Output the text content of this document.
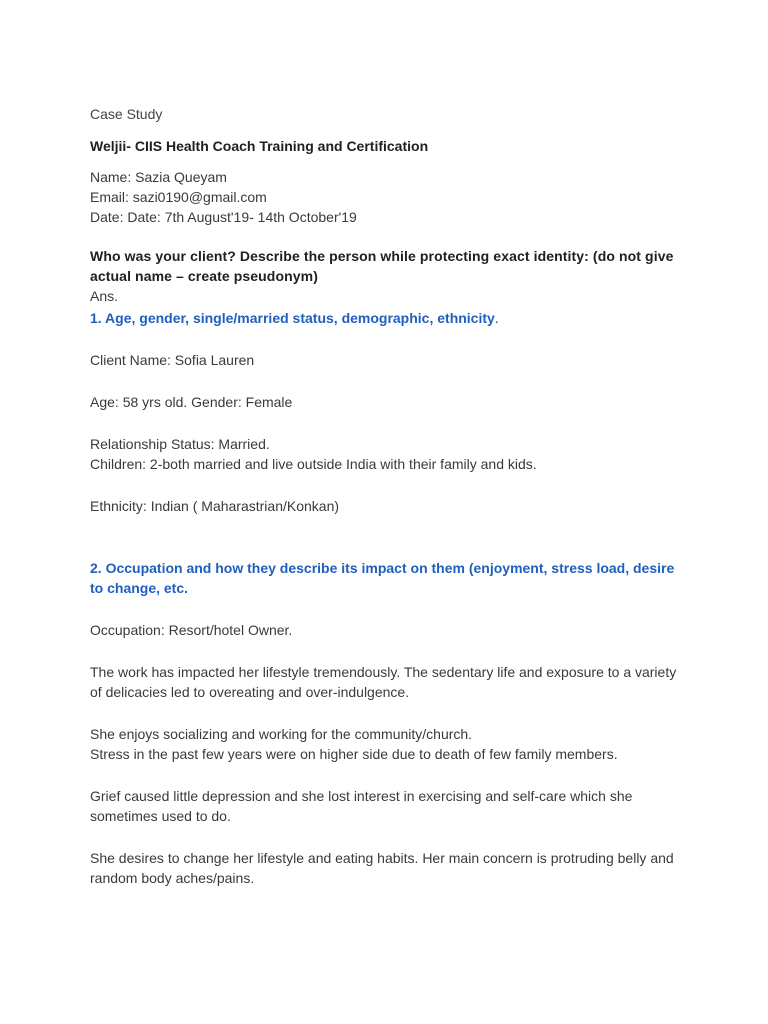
Case Study

Weljii- CIIS Health Coach Training and Certification

Name: Sazia Queyam

Email: sazi0190@gmail.com

Date: Date: 7th August'19- 14th October'19

Who was your client? Describe the person while protecting exact identity: (do not give actual name – create pseudonym)

Ans.

1. Age, gender, single/married status, demographic, ethnicity.

Client Name: Sofia Lauren

Age: 58 yrs old. Gender: Female

Relationship Status: Married.

Children: 2-both married and live outside India with their family and kids.

Ethnicity: Indian ( Maharastrian/Konkan)

2. Occupation and how they describe its impact on them (enjoyment, stress load, desire to change, etc.

Occupation: Resort/hotel Owner.

The work has impacted her lifestyle tremendously. The sedentary life and exposure to a variety of delicacies led to overeating and over-indulgence.

She enjoys socializing and working for the community/church.

Stress in the past few years were on higher side due to death of few family members.

Grief caused little depression and she lost interest in exercising and self-care which she sometimes used to do.

She desires to change her lifestyle and eating habits. Her main concern is protruding belly and random body aches/pains.
